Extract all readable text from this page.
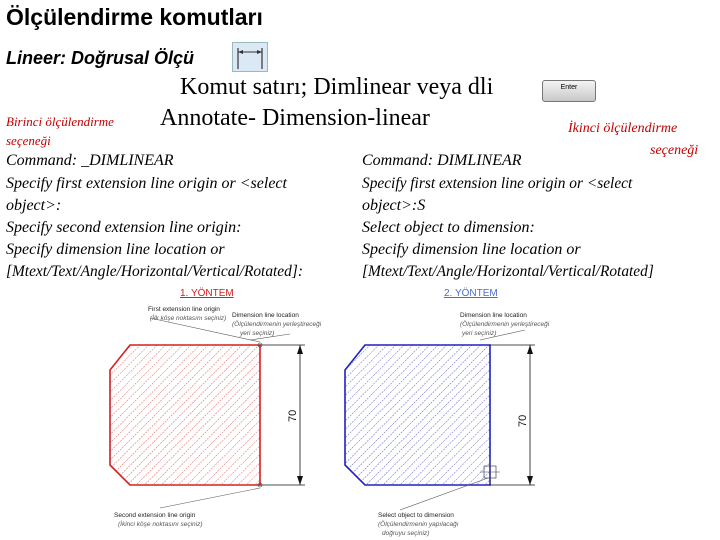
Ölçülendirme komutları
Lineer: Doğrusal Ölçü
Komut satırı; Dimlinear veya dli	Enter
Annotate- Dimension-linear
Birinci ölçülendirme
seçeneği
İkinci ölçülendirme
seçeneği
Command: _DIMLINEAR
Specify first extension line origin or <select
object>:
Specify second extension line origin:
Specify dimension line location or
[Mtext/Text/Angle/Horizontal/Vertical/Rotated]:
Command: DIMLINEAR
Specify first extension line origin or <select
object>:S
Select object to dimension:
Specify dimension line location or
[Mtext/Text/Angle/Horizontal/Vertical/Rotated]
1. YÖNTEM
First extension line origin
(İlk köşe noktasını seçiniz) Dimension line location
(Ölçülendirmenin yerleştireceği
yeri seçiniz)
Second extension line origin
(İkinci köşe noktasını seçiniz)
70
2. YÖNTEM
Dimension line location
(Ölçülendirmenin yerleştireceği
yeri seçiniz)
Select object to dimension
(Ölçülendirmenin yapılacağı
doğruyu seçiniz)
70
